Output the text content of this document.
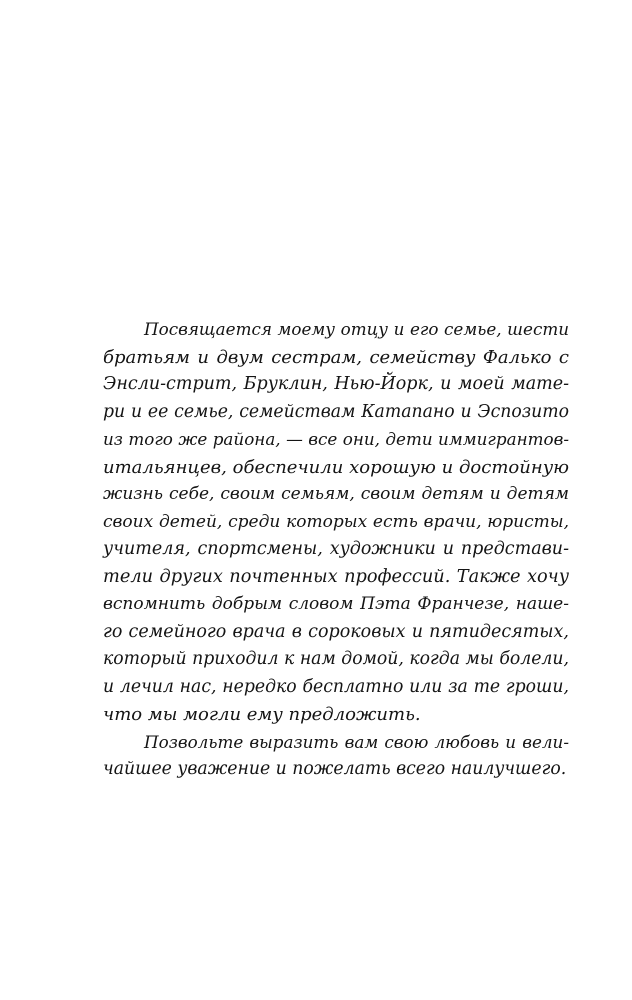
Посвящается моему отцу и его семье, шести
братьям и двум сестрам, семейству Фалько с
Энсли-стрит, Бруклин, Нью-Йорк, и моей мате-
ри и ее семье, семействам Катапано и Эспозито
из того же района, — все они, дети иммигрантов-
итальянцев, обеспечили хорошую и достойную
жизнь себе, своим семьям, своим детям и детям
своих детей, среди которых есть врачи, юристы,
учителя, спортсмены, художники и представи-
тели других почтенных профессий. Также хочу
вспомнить добрым словом Пэта Франчезе, наше-
го семейного врача в сороковых и пятидесятых,
который приходил к нам домой, когда мы болели,
и лечил нас, нередко бесплатно или за те гроши,
что мы могли ему предложить.
Позвольте выразить вам свою любовь и вели-
чайшее уважение и пожелать всего наилучшего.
